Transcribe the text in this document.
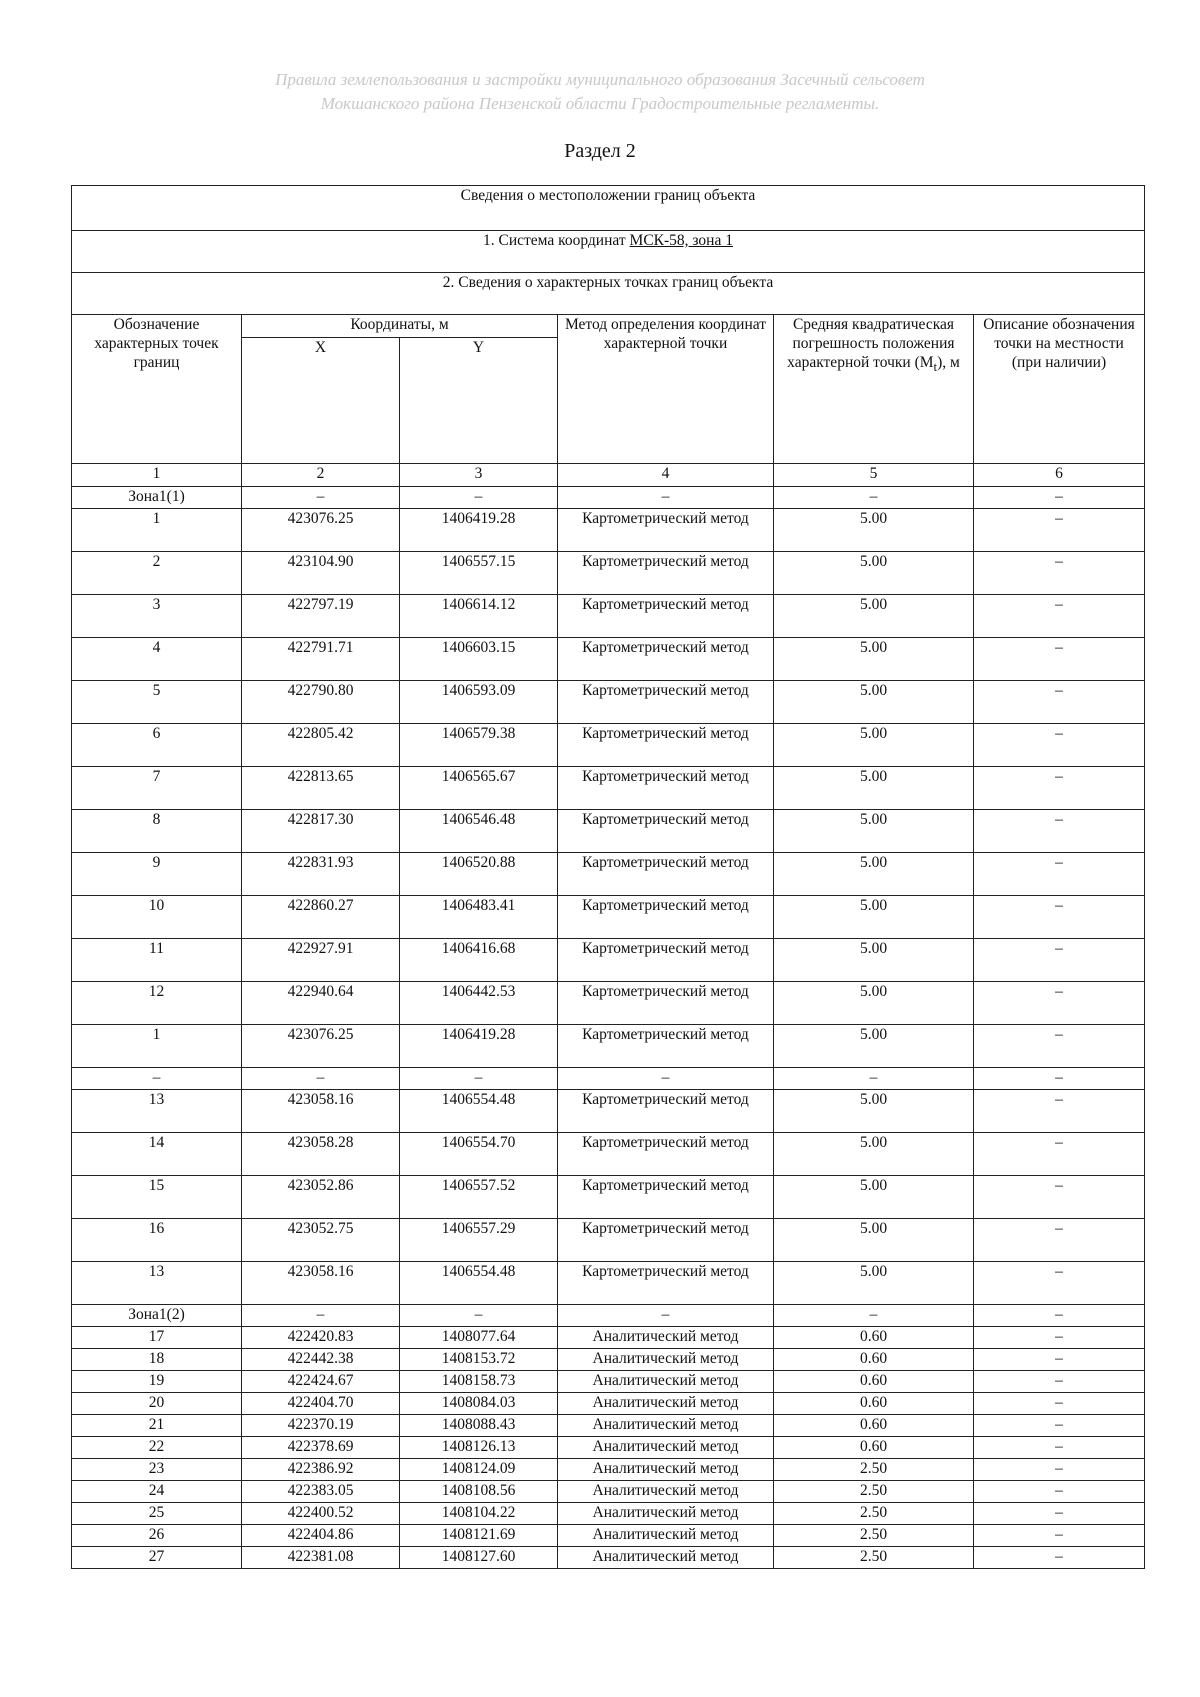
Правила землепользования и застройки муниципального образования Засечный сельсовет
Мокшанского района Пензенской области Градостроительные регламенты.
Раздел 2
Сведения о местоположении границ объекта					
1. Система координат МСК-58, зона 1					
2. Сведения о характерных точках границ объекта					
Обозначение характерных точек границ	Координаты, м		Метод определения координат характерной точки	Средняя квадратическая погрешность положения характерной точки $(M_t)$, м	Описание обозначения точки на местности (при наличии)
	X	Y			
1	2	3	4	5	6
Зона1(1)	–	–	–	–	–
1	423076.25	1406419.28	Картометрический метод	5.00	–
2	423104.90	1406557.15	Картометрический метод	5.00	–
3	422797.19	1406614.12	Картометрический метод	5.00	–
4	422791.71	1406603.15	Картометрический метод	5.00	–
5	422790.80	1406593.09	Картометрический метод	5.00	–
6	422805.42	1406579.38	Картометрический метод	5.00	–
7	422813.65	1406565.67	Картометрический метод	5.00	–
8	422817.30	1406546.48	Картометрический метод	5.00	–
9	422831.93	1406520.88	Картометрический метод	5.00	–
10	422860.27	1406483.41	Картометрический метод	5.00	–
11	422927.91	1406416.68	Картометрический метод	5.00	–
12	422940.64	1406442.53	Картометрический метод	5.00	–
1	423076.25	1406419.28	Картометрический метод	5.00	–
–	–	–	–	–	–
13	423058.16	1406554.48	Картометрический метод	5.00	–
14	423058.28	1406554.70	Картометрический метод	5.00	–
15	423052.86	1406557.52	Картометрический метод	5.00	–
16	423052.75	1406557.29	Картометрический метод	5.00	–
13	423058.16	1406554.48	Картометрический метод	5.00	–
Зона1(2)	–	–	–	–	–
17	422420.83	1408077.64	Аналитический метод	0.60	–
18	422442.38	1408153.72	Аналитический метод	0.60	–
19	422424.67	1408158.73	Аналитический метод	0.60	–
20	422404.70	1408084.03	Аналитический метод	0.60	–
21	422370.19	1408088.43	Аналитический метод	0.60	–
22	422378.69	1408126.13	Аналитический метод	0.60	–
23	422386.92	1408124.09	Аналитический метод	2.50	–
24	422383.05	1408108.56	Аналитический метод	2.50	–
25	422400.52	1408104.22	Аналитический метод	2.50	–
26	422404.86	1408121.69	Аналитический метод	2.50	–
27	422381.08	1408127.60	Аналитический метод	2.50	–
